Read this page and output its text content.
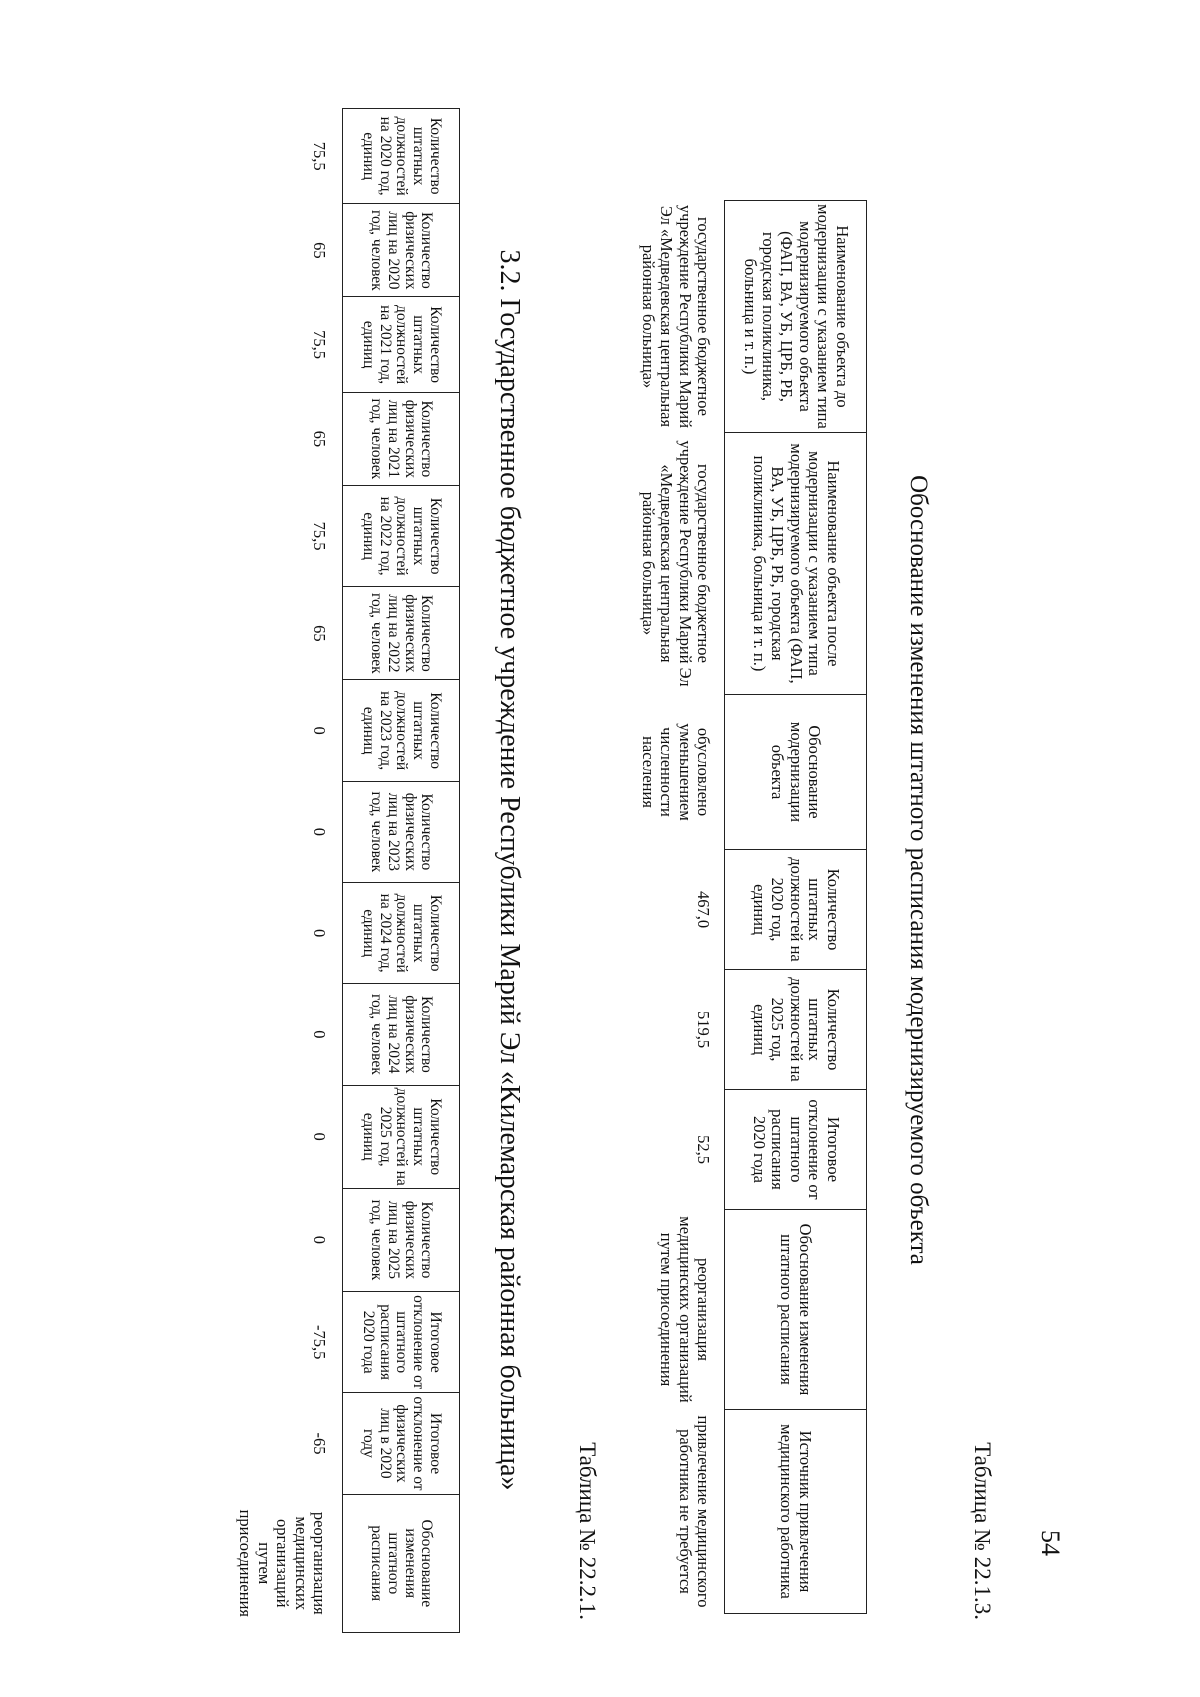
54
Таблица № 22.1.3.
Обоснование изменения штатного расписания модернизируемого объекта
Наименование объекта до модернизации с указанием типа модернизируемого объекта (ФАП, ВА, УБ, ЦРБ, РБ, городская поликлиника, больница и т. п.)	Наименование объекта после модернизации с указанием типа модернизируемого объекта (ФАП, ВА, УБ, ЦРБ, РБ, городская поликлиника, больница и т. п.)	Обоснование модернизации объекта	Количество штатных должностей на 2020 год, единиц	Количество штатных должностей на 2025 год, единиц	Итоговое отклонение от штатного расписания 2020 года	Обоснование изменения штатного расписания	Источник привлечения медицинского работника
государственное бюджетное учреждение Республики Марий Эл «Медведевская центральная районная больница»	государственное бюджетное учреждение Республики Марий Эл «Медведевская центральная районная больница»	обусловлено уменьшением численности населения	467,0	519,5	52,5	реорганизация медицинских организаций путем присоединения	привлечение медицинского работника не требуется
Таблица № 22.2.1.
3.2. Государственное бюджетное учреждение Республики Марий Эл «Килемарская районная больница»
Количество штатных должностей на 2020 год, единиц	Количество физических лиц на 2020 год, человек	Количество штатных должностей на 2021 год, единиц	Количество физических лиц на 2021 год, человек	Количество штатных должностей на 2022 год, единиц	Количество физических лиц на 2022 год, человек	Количество штатных должностей на 2023 год, единиц	Количество физических лиц на 2023 год, человек	Количество штатных должностей на 2024 год, единиц	Количество физических лиц на 2024 год, человек	Количество штатных должностей на 2025 год, единиц	Количество физических лиц на 2025 год, человек	Итоговое отклонение от штатного расписания 2020 года	Итоговое отклонение от физических лиц в 2020 году	Обоснование изменения штатного расписания
75,5	65	75,5	65	75,5	65	0	0	0	0	0	0	-75,5	-65	реорганизация медицинских организаций путем присоединения
